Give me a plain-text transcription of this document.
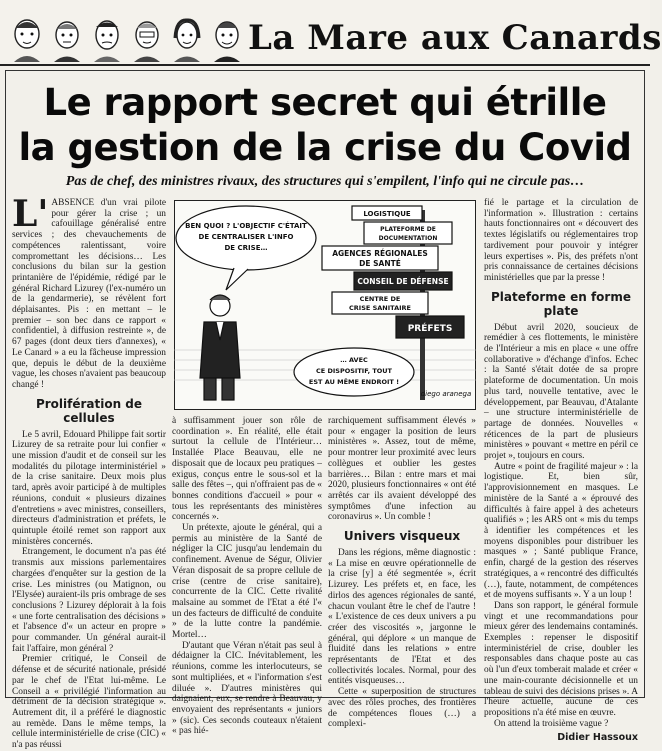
La Mare aux Canards
Le rapport secret qui étrille
la gestion de la crise du Covid
Pas de chef, des ministres rivaux, des structures qui s'empilent, l'info qui ne circule pas…

L'ABSENCE d'un vrai pilote pour gérer la crise ; un cafouillage généralisé entre services ; des chevauchements de compétences ralentissant, voire compromettant les décisions… Les conclusions du bilan sur la gestion printanière de l'épidémie, rédigé par le général Richard Lizurey (l'ex-numéro un de la gendarmerie), se révèlent fort déplaisantes. Pis : en mettant – le premier – son bec dans ce rapport « confidentiel, à diffusion restreinte », de 67 pages (dont deux tiers d'annexes), « Le Canard » a eu la fâcheuse impression que, depuis le début de la deuxième vague, les choses n'avaient pas beaucoup changé !

Prolifération de cellules

Le 5 avril, Edouard Philippe fait sortir Lizurey de sa retraite pour lui confier « une mission d'audit et de conseil sur les modalités du pilotage interministériel » de la crise sanitaire. Deux mois plus tard, après avoir participé à de multiples réunions, conduit « plusieurs dizaines d'entretiens » avec ministres, conseillers, directeurs d'administration et préfets, le quintuple étoilé remet son rapport aux ministères concernés.

Etrangement, le document n'a pas été transmis aux missions parlementaires chargées d'enquêter sur la gestion de la crise. Les ministres (ou Matignon, ou l'Elysée) auraient-ils pris ombrage de ses conclusions ? Lizurey déplorait à la fois « une forte centralisation des décisions » et l'absence d'« un acteur en propre » pour commander. Un général aurait-il fait l'affaire, mon général ?

Premier critiqué, le Conseil de défense et de sécurité nationale, présidé par le chef de l'Etat lui-même. Le Conseil a « privilégié l'information au détriment de la décision stratégique ». Autrement dit, il a préféré le diagnostic au remède. Dans le même temps, la cellule interministérielle de crise (CIC) « n'a pas réussi

LOGISTIQUE
PLATEFORME DE
DOCUMENTATION
AGENCES RÉGIONALES
DE SANTÉ
CONSEIL DE DÉFENSE
CENTRE DE
CRISE SANITAIRE
PRÉFETS
BEN QUOI ? L'OBJECTIF C'ÉTAIT
DE CENTRALISER L'INFO
DE CRISE…
… AVEC
CE DISPOSITIF, TOUT
EST AU MÊME ENDROIT !
diego aranega

à suffisamment jouer son rôle de coordination ». En réalité, elle était surtout la cellule de l'Intérieur… Installée Place Beauvau, elle ne disposait que de locaux peu pratiques – exigus, conçus entre le sous-sol et la salle des fêtes –, qui n'offraient pas de « bonnes conditions d'accueil » pour « tous les représentants des ministères concernés ».

Un prétexte, ajoute le général, qui a permis au ministère de la Santé de négliger la CIC jusqu'au lendemain du confinement. Avenue de Ségur, Olivier Véran disposait de sa propre cellule de crise (centre de crise sanitaire), concurrente de la CIC. Cette rivalité malsaine au sommet de l'Etat a été l'« un des facteurs de difficulté de conduite » de la lutte contre la pandémie. Mortel…

D'autant que Véran n'était pas seul à dédaigner la CIC. Inévitablement, les réunions, comme les interlocuteurs, se sont multipliées, et « l'information s'est diluée ». D'autres ministères qui daignaient, eux, se rendre à Beauvau, y envoyaient des représentants « juniors » (sic). Ces seconds couteaux n'étaient « pas hié-

rarchiquement suffisamment élevés » pour « engager la position de leurs ministères ». Assez, tout de même, pour montrer leur proximité avec leurs collègues et oublier les gestes barrières… Bilan : entre mars et mai 2020, plusieurs fonctionnaires « ont été arrêtés car ils avaient développé des symptômes d'une infection au coronavirus ». Un comble !

Univers visqueux

Dans les régions, même diagnostic : « La mise en œuvre opérationnelle de la crise [y] a été segmentée », écrit Lizurey. Les préfets et, en face, les dirlos des agences régionales de santé, chacun voulant être le chef de l'autre ! « L'existence de ces deux univers a pu créer des viscosités », jargonne le général, qui déplore « un manque de fluidité dans les relations » entre représentants de l'Etat et des collectivités locales. Normal, pour des entités visqueuses…

Cette « superposition de structures avec des rôles proches, des frontières de compétences floues (…) a complexi-

fié le partage et la circulation de l'information ». Illustration : certains hauts fonctionnaires ont « découvert des textes législatifs ou réglementaires trop tardivement pour pouvoir y intégrer leurs expertises ». Pis, des préfets n'ont pris connaissance de certaines décisions ministérielles que par la presse !

Plateforme en forme plate

Début avril 2020, soucieux de remédier à ces flottements, le ministère de l'Intérieur a mis en place « une offre collaborative » d'échange d'infos. Echec : la Santé s'était dotée de sa propre plateforme de documentation. Un mois plus tard, nouvelle tentative, avec le développement, par Beauvau, d'Atalante – une structure interministérielle de partage de données. Nouvelles « réticences de la part de plusieurs ministères » pouvant « mettre en péril ce projet », toujours en cours.

Autre « point de fragilité majeur » : la logistique. Et, bien sûr, l'approvisionnement en masques. Le ministère de la Santé a « éprouvé des difficultés à faire appel à des acheteurs qualifiés » ; les ARS ont « mis du temps à identifier les compétences et les moyens disponibles pour distribuer les masques » ; Santé publique France, enfin, chargé de la gestion des réserves stratégiques, a « rencontré des difficultés (…), faute, notamment, de compétences et de moyens suffisants ». Y a un loup !

Dans son rapport, le général formule vingt et une recommandations pour mieux gérer des lendemains contaminés. Exemples : repenser le dispositif interministériel de crise, doubler les responsables dans chaque poste au cas où l'un d'eux tomberait malade et créer « une main-courante décisionnelle et un tableau de suivi des décisions prises ». A l'heure actuelle, aucune de ces propositions n'a été mise en œuvre.

On attend la troisième vague ?

Didier Hassoux
